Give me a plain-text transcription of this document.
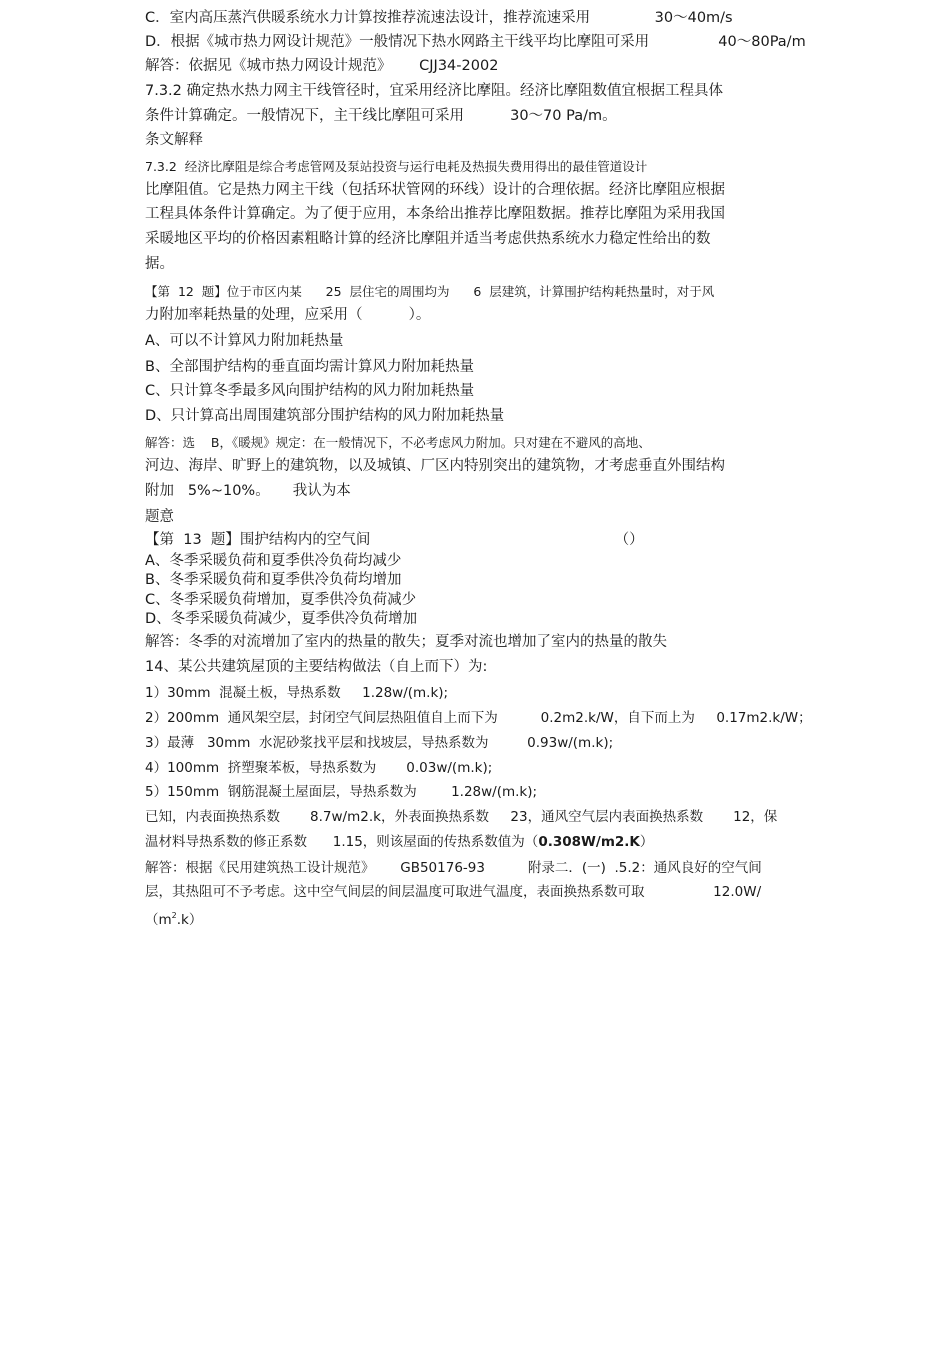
C．室内高压蒸汽供暖系统水力计算按推荐流速法设计，推荐流速采用              30～40m/s
D．根据《城市热力网设计规范》一般情况下热水网路主干线平均比摩阻可采用               40～80Pa/m
解答：依据见《城市热力网设计规范》      CJJ34-2002
7.3.2 确定热水热力网主干线管径时，宜采用经济比摩阻。经济比摩阻数值宜根据工程具体
条件计算确定。一般情况下，主干线比摩阻可采用          30～70 Pa/m。
条文解释
7.3.2  经济比摩阻是综合考虑管网及泵站投资与运行电耗及热损失费用得出的最佳管道设计
比摩阻值。它是热力网主干线（包括环状管网的环线）设计的合理依据。经济比摩阻应根据
工程具体条件计算确定。为了便于应用，本条给出推荐比摩阻数据。推荐比摩阻为采用我国
采暖地区平均的价格因素粗略计算的经济比摩阻并适当考虑供热系统水力稳定性给出的数
据。
【第  12  题】位于市区内某      25  层住宅的周围均为      6  层建筑，计算围护结构耗热量时，对于风
力附加率耗热量的处理，应采用（          ）。
A、可以不计算风力附加耗热量
B、全部围护结构的垂直面均需计算风力附加耗热量
C、只计算冬季最多风向围护结构的风力附加耗热量
D、只计算高出周围建筑部分围护结构的风力附加耗热量
解答：选    B，《暖规》规定：在一般情况下，不必考虑风力附加。只对建在不避风的高地、
河边、海岸、旷野上的建筑物，以及城镇、厂区内特别突出的建筑物，才考虑垂直外围结构
附加   5%~10%。     我认为本
题意
【第  13  题】围护结构内的空气间                                                     （）
A、冬季采暖负荷和夏季供冷负荷均减少
B、冬季采暖负荷和夏季供冷负荷均增加
C、冬季采暖负荷增加，夏季供冷负荷减少
D、冬季采暖负荷减少，夏季供冷负荷增加
解答：冬季的对流增加了室内的热量的散失；夏季对流也增加了室内的热量的散失
14、某公共建筑屋顶的主要结构做法（自上而下）为:
1）30mm  混凝土板，导热系数     1.28w/(m.k);
2）200mm  通风架空层，封闭空气间层热阻值自上而下为          0.2m2.k/W，自下而上为     0.17m2.k/W；
3）最薄   30mm  水泥砂浆找平层和找坡层，导热系数为         0.93w/(m.k);
4）100mm  挤塑聚苯板，导热系数为       0.03w/(m.k);
5）150mm  钢筋混凝土屋面层，导热系数为        1.28w/(m.k);
已知，内表面换热系数       8.7w/m2.k，外表面换热系数     23，通风空气层内表面换热系数       12，保
温材料导热系数的修正系数      1.15，则该屋面的传热系数值为（0.308W/m2.K）
解答：根据《民用建筑热工设计规范》      GB50176-93          附录二．(一)  .5.2：通风良好的空气间
层，其热阻可不予考虑。这中空气间层的间层温度可取进气温度，表面换热系数可取                12.0W/
$(m^2.k)$
